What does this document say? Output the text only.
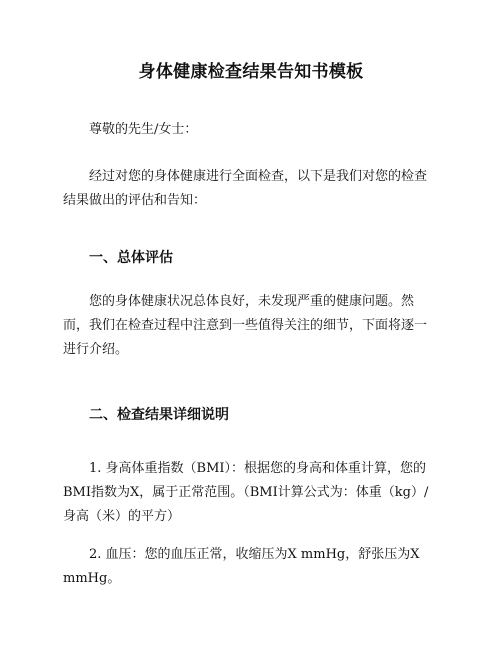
身体健康检查结果告知书模板

尊敬的先生/女士：

经过对您的身体健康进行全面检查，以下是我们对您的检查结果做出的评估和告知：

一、总体评估

您的身体健康状况总体良好，未发现严重的健康问题。然而，我们在检查过程中注意到一些值得关注的细节，下面将逐一进行介绍。

二、检查结果详细说明

1. 身高体重指数（BMI）：根据您的身高和体重计算，您的BMI指数为X，属于正常范围。（BMI计算公式为：体重（kg）/身高（米）的平方）

2. 血压：您的血压正常，收缩压为X mmHg，舒张压为X mmHg。
